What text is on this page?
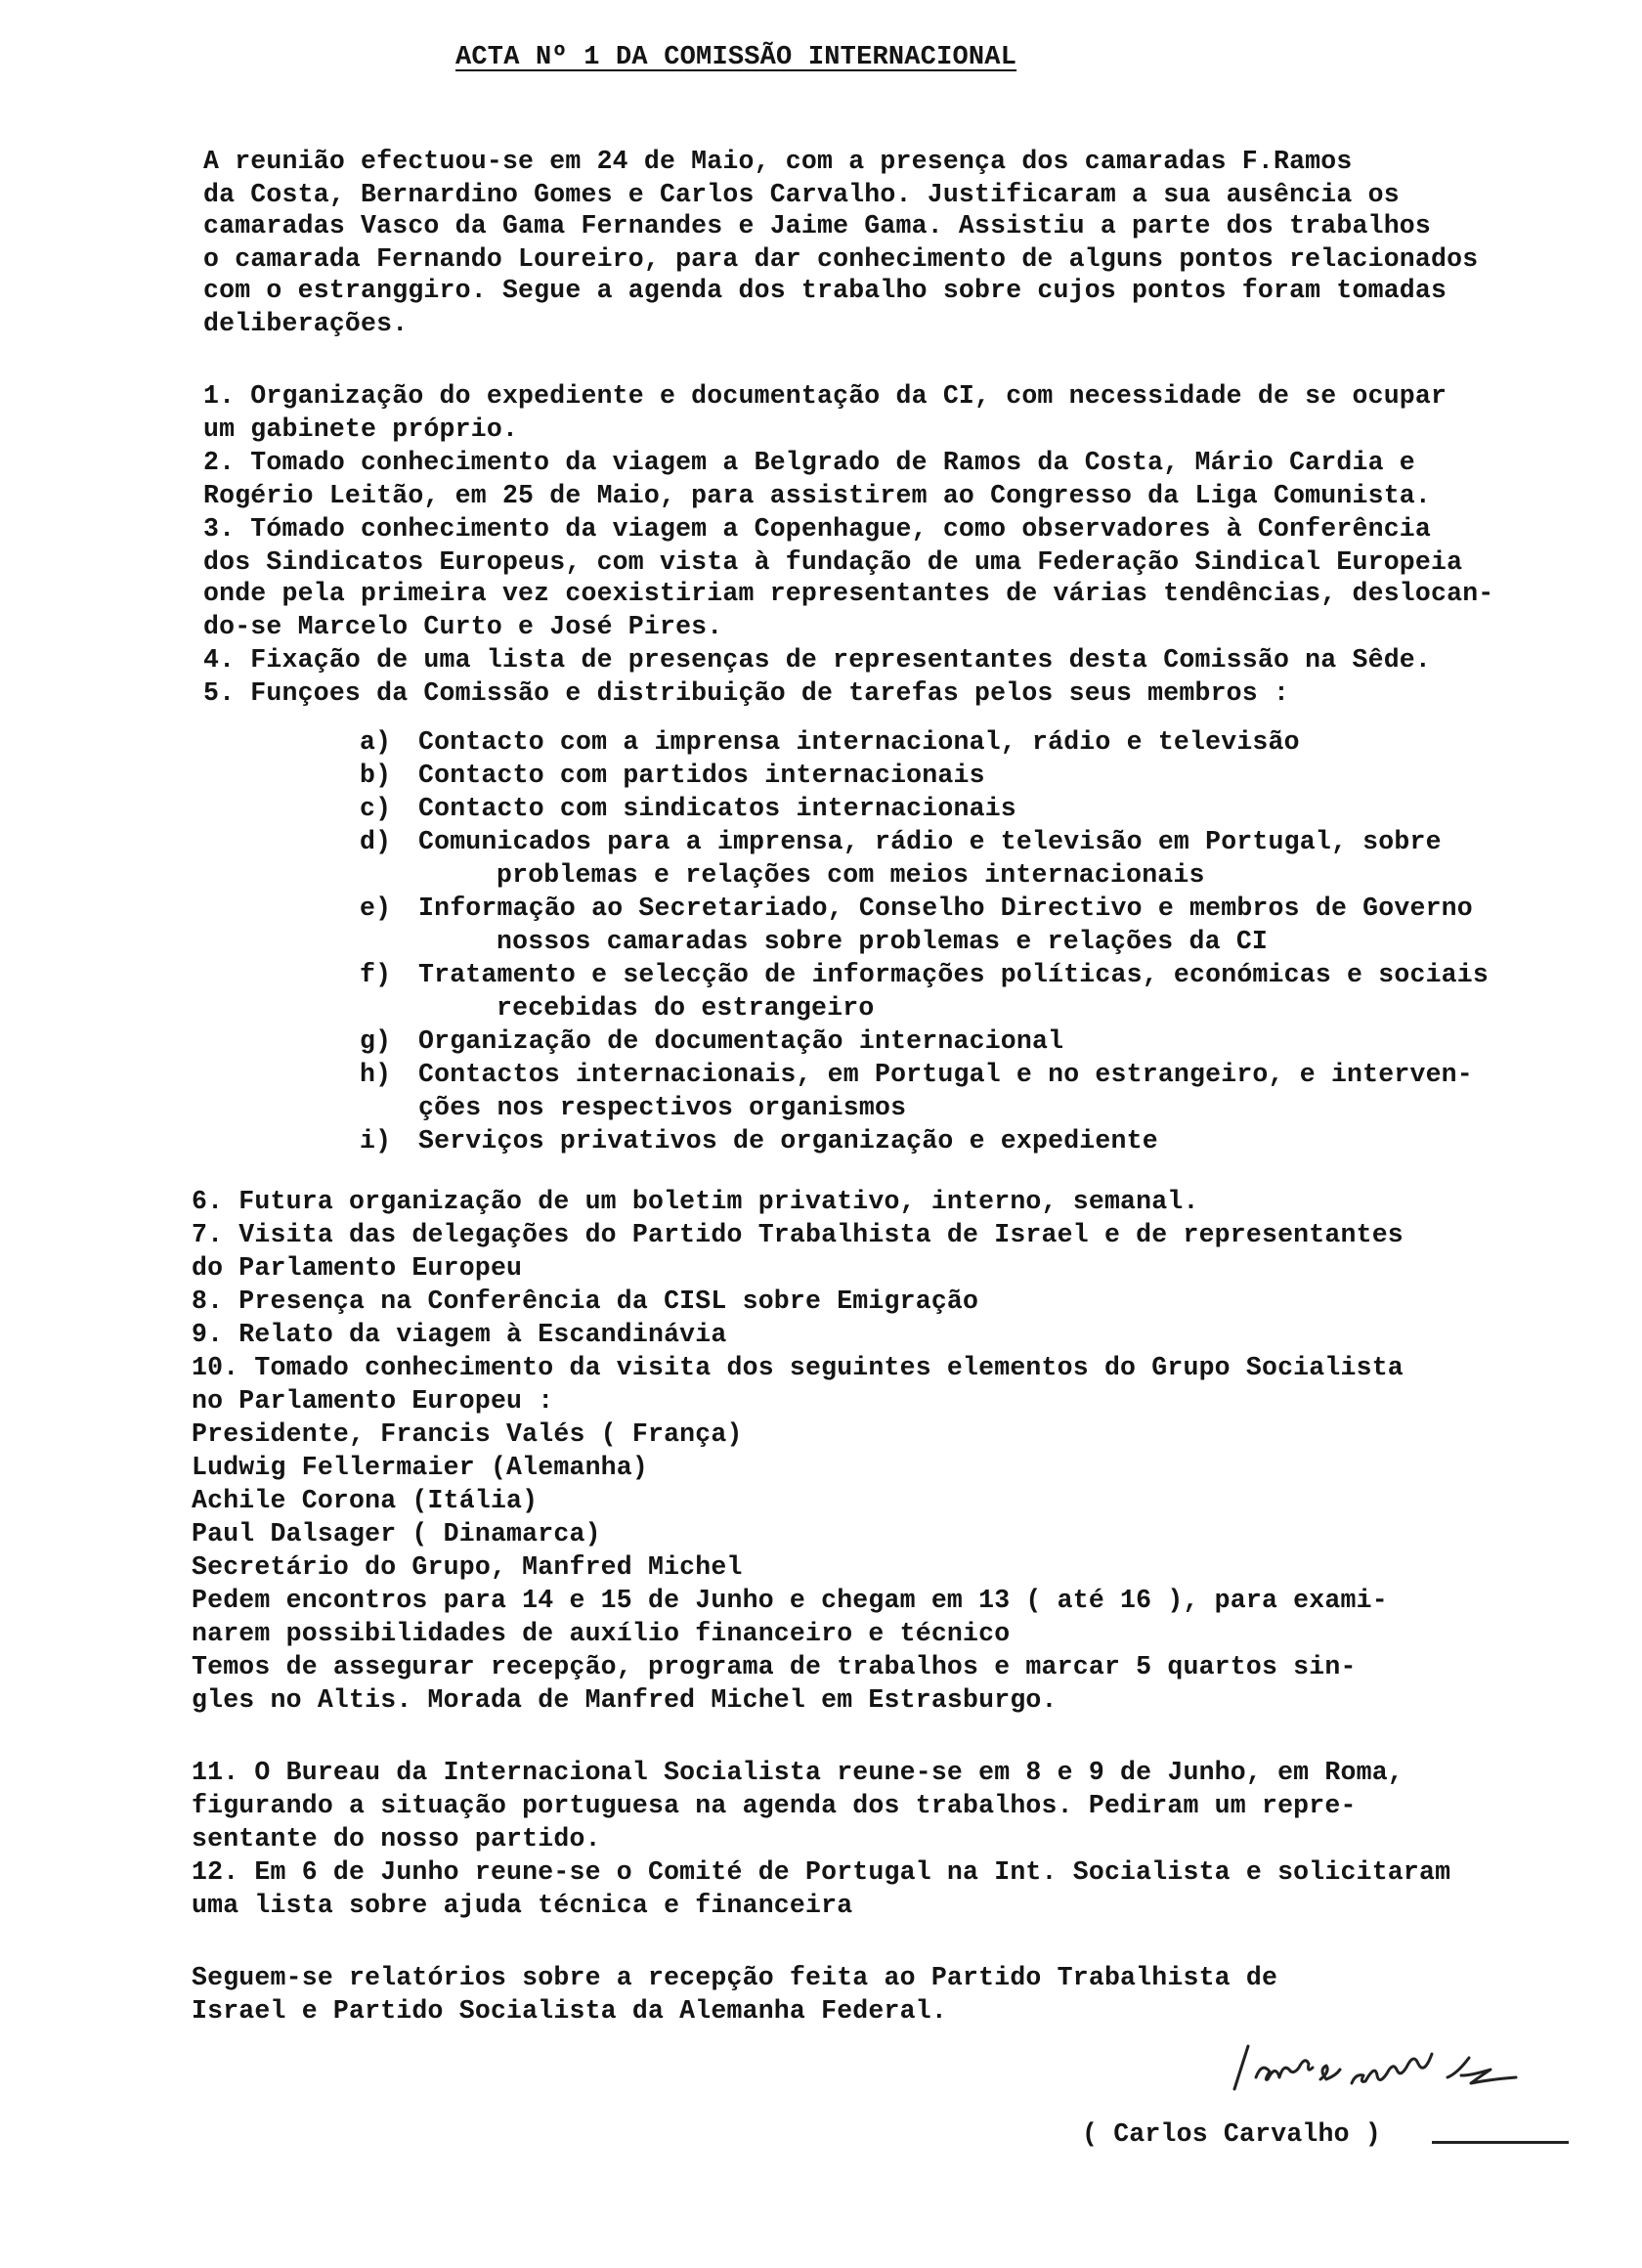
ACTA Nº 1 DA COMISSÃO INTERNACIONAL
A reunião efectuou-se em 24 de Maio, com a presença dos camaradas F.Ramos
da Costa, Bernardino Gomes e Carlos Carvalho. Justificaram a sua ausência os
camaradas Vasco da Gama Fernandes e Jaime Gama. Assistiu a parte dos trabalhos
o camarada Fernando Loureiro, para dar conhecimento de alguns pontos relacionados
com o estranggiro. Segue a agenda dos trabalho sobre cujos pontos foram tomadas
deliberações.
1. Organização do expediente e documentação da CI, com necessidade de se ocupar
um gabinete próprio.
2. Tomado conhecimento da viagem a Belgrado de Ramos da Costa, Mário Cardia e
Rogério Leitão, em 25 de Maio, para assistirem ao Congresso da Liga Comunista.
3. Tómado conhecimento da viagem a Copenhague, como observadores à Conferência
dos Sindicatos Europeus, com vista à fundação de uma Federação Sindical Europeia
onde pela primeira vez coexistiriam representantes de várias tendências, deslocan-
do-se Marcelo Curto e José Pires.
4. Fixação de uma lista de presenças de representantes desta Comissão na Sêde.
5. Funçoes da Comissão e distribuição de tarefas pelos seus membros :
a) Contacto com a imprensa internacional, rádio e televisão
b) Contacto com partidos internacionais
c) Contacto com sindicatos internacionais
d) Comunicados para a imprensa, rádio e televisão em Portugal, sobre
problemas e relações com meios internacionais
e) Informação ao Secretariado, Conselho Directivo e membros de Governo
nossos camaradas sobre problemas e relações da CI
f) Tratamento e selecção de informações políticas, económicas e sociais
recebidas do estrangeiro
g) Organização de documentação internacional
h) Contactos internacionais, em Portugal e no estrangeiro, e interven-
ções nos respectivos organismos
i) Serviços privativos de organização e expediente
6. Futura organização de um boletim privativo, interno, semanal.
7. Visita das delegações do Partido Trabalhista de Israel e de representantes
do Parlamento Europeu
8. Presença na Conferência da CISL sobre Emigração
9. Relato da viagem à Escandinávia
10. Tomado conhecimento da visita dos seguintes elementos do Grupo Socialista
no Parlamento Europeu :
Presidente, Francis Valés ( França)
Ludwig Fellermaier (Alemanha)
Achile Corona (Itália)
Paul Dalsager ( Dinamarca)
Secretário do Grupo, Manfred Michel
Pedem encontros para 14 e 15 de Junho e chegam em 13 ( até 16 ), para exami-
narem possibilidades de auxílio financeiro e técnico
Temos de assegurar recepção, programa de trabalhos e marcar 5 quartos sin-
gles no Altis. Morada de Manfred Michel em Estrasburgo.
11. O Bureau da Internacional Socialista reune-se em 8 e 9 de Junho, em Roma,
figurando a situação portuguesa na agenda dos trabalhos. Pediram um repre-
sentante do nosso partido.
12. Em 6 de Junho reune-se o Comité de Portugal na Int. Socialista e solicitaram
uma lista sobre ajuda técnica e financeira
Seguem-se relatórios sobre a recepção feita ao Partido Trabalhista de
Israel e Partido Socialista da Alemanha Federal.
( Carlos Carvalho )
